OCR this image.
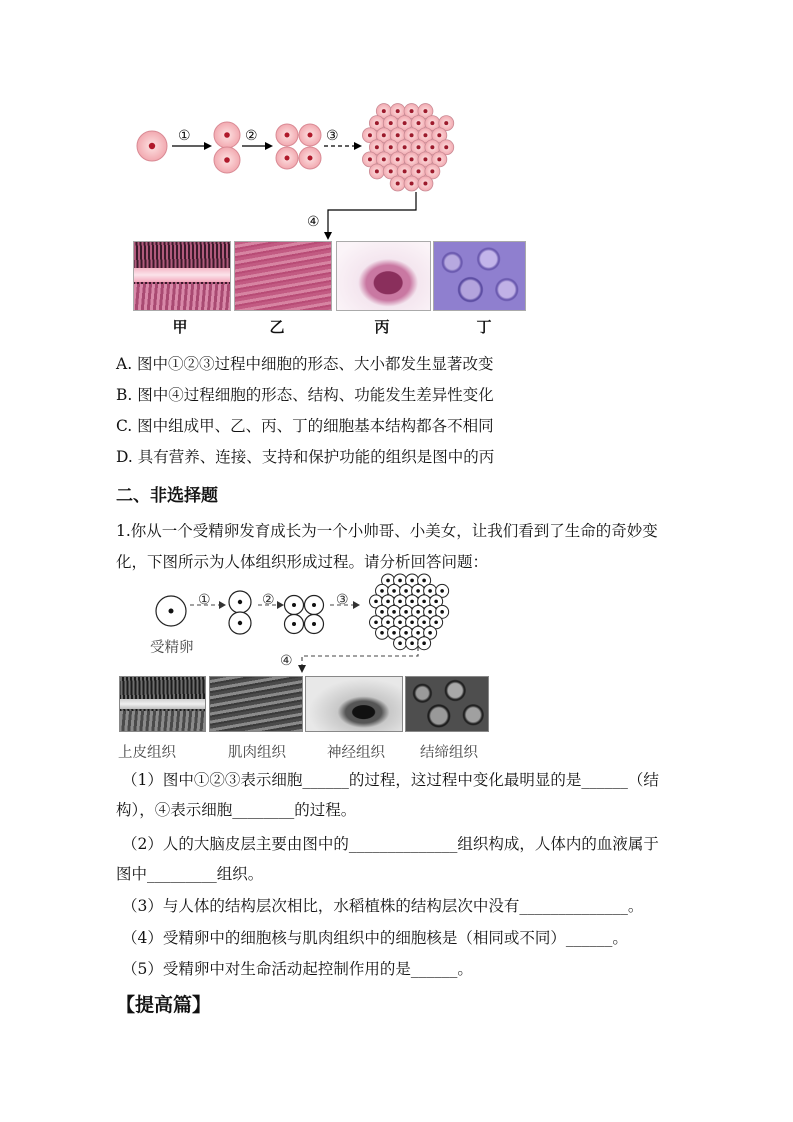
①	②	③
④
甲	乙	丙	丁
A. 图中①②③过程中细胞的形态、大小都发生显著改变
B. 图中④过程细胞的形态、结构、功能发生差异性变化
C. 图中组成甲、乙、丙、丁的细胞基本结构都各不相同
D. 具有营养、连接、支持和保护功能的组织是图中的丙
二、非选择题
1.你从一个受精卵发育成长为一个小帅哥、小美女，让我们看到了生命的奇妙变
化，下图所示为人体组织形成过程。请分析回答问题：
①	②	③
④
受精卵
上皮组织	肌肉组织	神经组织 结缔组织
（1）图中①②③表示细胞______的过程，这过程中变化最明显的是______（结
构），④表示细胞________的过程。
（2）人的大脑皮层主要由图中的______________组织构成，人体内的血液属于
图中_________组织。
（3）与人体的结构层次相比，水稻植株的结构层次中没有______________。
（4）受精卵中的细胞核与肌肉组织中的细胞核是（相同或不同）______。
（5）受精卵中对生命活动起控制作用的是______。
【提高篇】
